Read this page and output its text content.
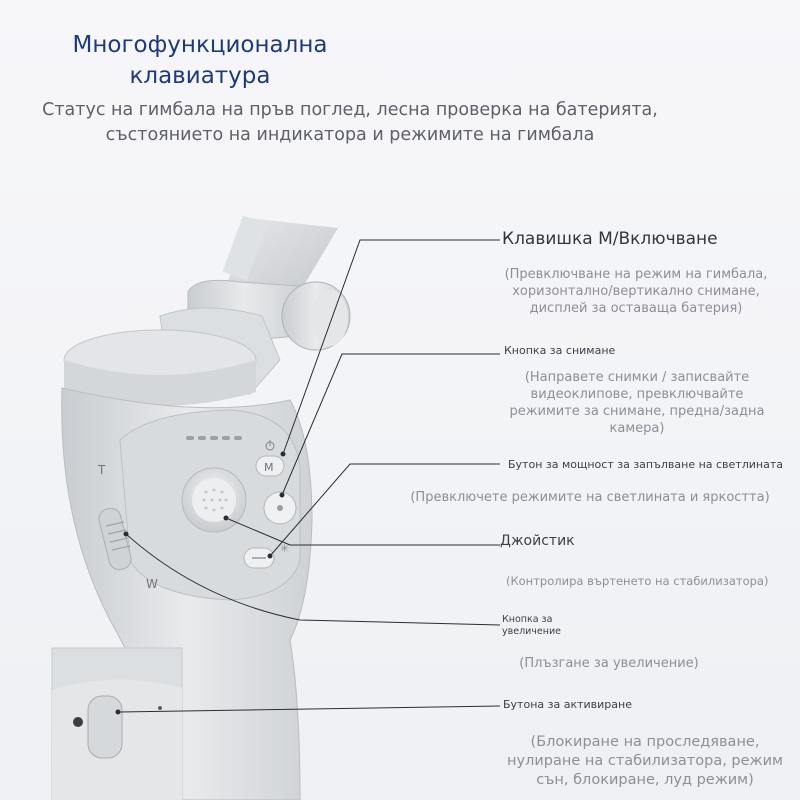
Многофункционална клавиатура
Статус на гимбала на пръв поглед, лесна проверка на батерията, състоянието на индикатора и режимите на гимбала
✳
T
W
M
Клавишка М/Включване
(Превключване на режим на гимбала, хоризонтално/вертикално снимане, дисплей за оставаща батерия)
Кнопка за снимане
(Направете снимки / записвайте видеоклипове, превключвайте режимите за снимане, предна/задна камера)
Бутон за мощност за запълване на светлината
(Превключете режимите на светлината и яркостта)
Джойстик
(Контролира въртенето на стабилизатора)
Кнопка за увеличение
(Плъзгане за увеличение)
Бутона за активиране
(Блокиране на проследяване, нулиране на стабилизатора, режим сън, блокиране, луд режим)
